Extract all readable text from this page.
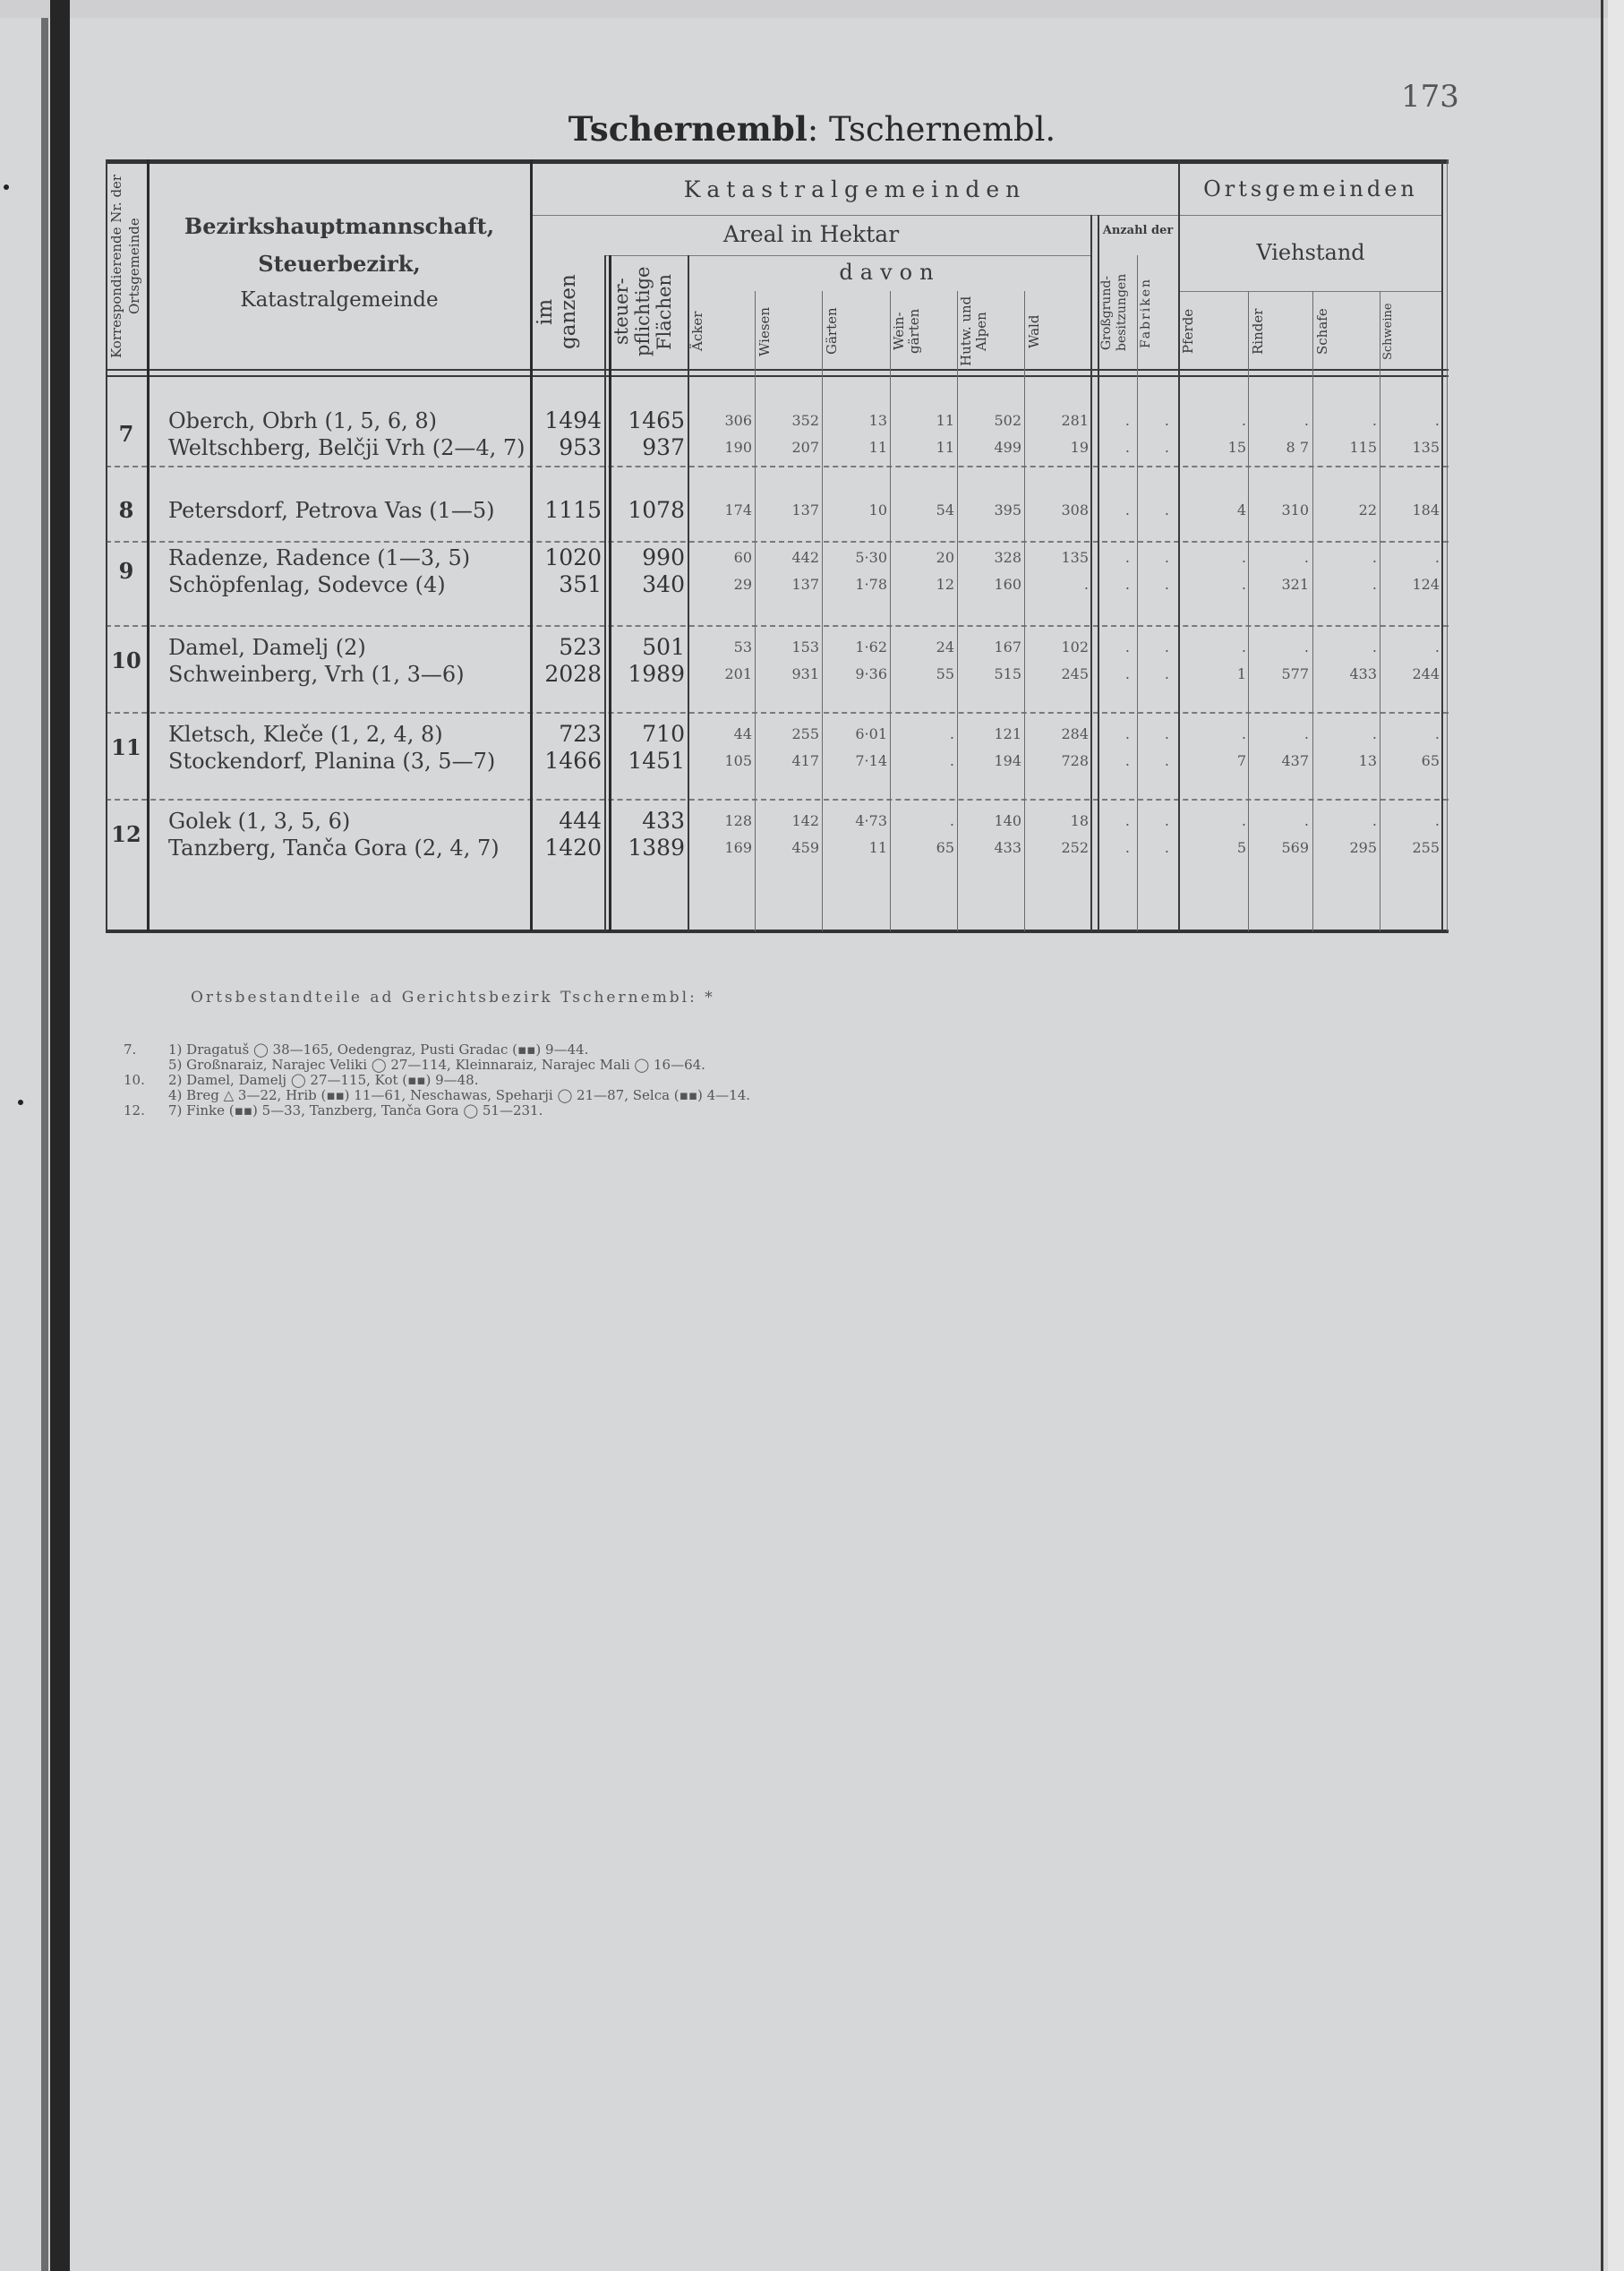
173
Tschernembl: Tschernembl.
Korrespondierende Nr. der Ortsgemeinde	Bezirkshauptmannschaft,
Steuerbezirk,
Katastralgemeinde
Katastralgemeinden
Areal in Hektar	Anzahl der
im ganzen	steuer-pflichtige Flächen
davon
Äcker	Wiesen	Gärten	Wein-gärten	Hutw. und Alpen	Wald	Großgrund-besitzungen Fabriken
Ortsgemeinden
Viehstand
Pferde	Rinder	Schafe	Schweine
7	Oberch, Obrh (1, 5, 6, 8)	1494	1465	306	352	13	11	502	281	.	.	.	.	.	.
Weltschberg, Belčji Vrh (2—4, 7)	953	937	190	207	11	11	499	19	.	.	15	8 7	115	135
8	Petersdorf, Petrova Vas (1—5) 1115	1078	174	137	10	54	395	308	.	.	4	310	22	184
9	Radenze, Radence (1—3, 5)	1020	990	60	442	5·30	20	328	135	.	.	.	.	.	.
Schöpfenlag, Sodevce (4)	351	340	29	137	1·78	12	160	.	.	.	.	321	.	124
10 Damel, Damelj (2)	523	501	53	153	1·62	24	167	102	.	.	.	.	.	.
Schweinberg, Vrh (1, 3—6)	2028	1989	201	931	9·36	55	515	245	.	.	1	577	433	244
11 Kletsch, Kleče (1, 2, 4, 8)	723	710	44	255	6·01	.	121	284	.	.	.	.	.	.
Stockendorf, Planina (3, 5—7) 1466	1451	105	417	7·14	.	194	728	.	.	7	437	13	65
12 Golek (1, 3, 5, 6)	444	433	128	142	4·73	.	140	18	.	.	.	.	.	.
Tanzberg, Tanča Gora (2, 4, 7) 1420	1389	169	459	11	65	433	252	.	.	5	569	295	255
Ortsbestandteile ad Gerichtsbezirk Tschernembl: *
7. 1) Dragatuš ◯ 38—165, Oedengraz, Pusti Gradac (▪▪) 9—44.
5) Großnaraiz, Narajec Veliki ◯ 27—114, Kleinnaraiz, Narajec Mali ◯ 16—64.
10. 2) Damel, Damelj ◯ 27—115, Kot (▪▪) 9—48.
4) Breg △ 3—22, Hrib (▪▪) 11—61, Neschawas, Speharji ◯ 21—87, Selca (▪▪) 4—14.
12. 7) Finke (▪▪) 5—33, Tanzberg, Tanča Gora ◯ 51—231.
